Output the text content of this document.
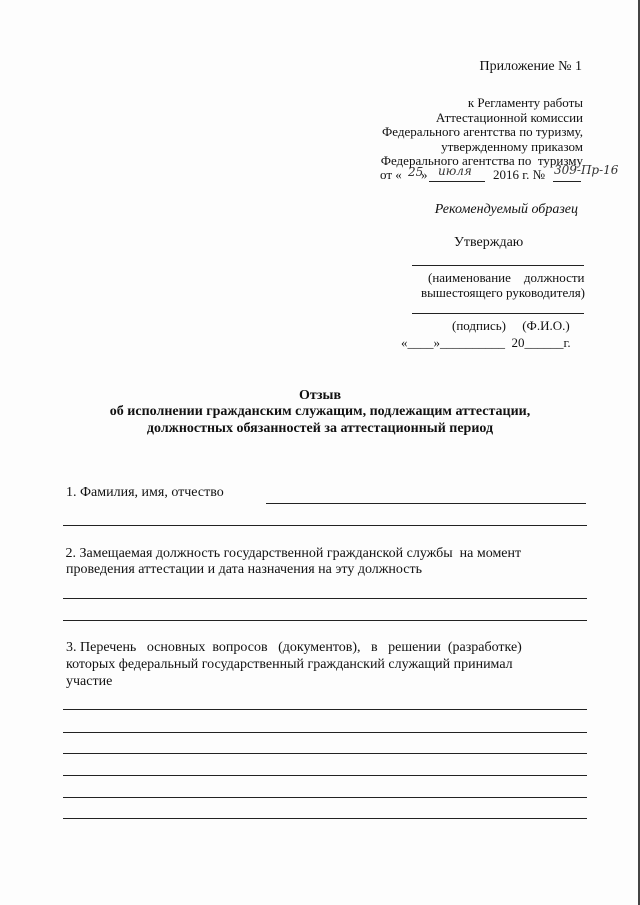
Приложение № 1
к Регламенту работы
Аттестационной комиссии
Федерального агентства по туризму,
утвержденному приказом
Федерального агентства по  туризму
от « 25
» июля 2016 г. № 309-Пр-16
Рекомендуемый образец
Утверждаю
(наименование    должности
вышестоящего руководителя)
(подпись)     (Ф.И.О.)
«____»__________  20______г.
Отзыв
об исполнении гражданским служащим, подлежащим аттестации,
должностных обязанностей за аттестационный период
1. Фамилия, имя, отчество
2. Замещаемая должность государственной гражданской службы  на момент
проведения аттестации и дата назначения на эту должность
3. Перечень   основных  вопросов   (документов),   в   решении  (разработке)
которых федеральный государственный гражданский служащий принимал
участие
